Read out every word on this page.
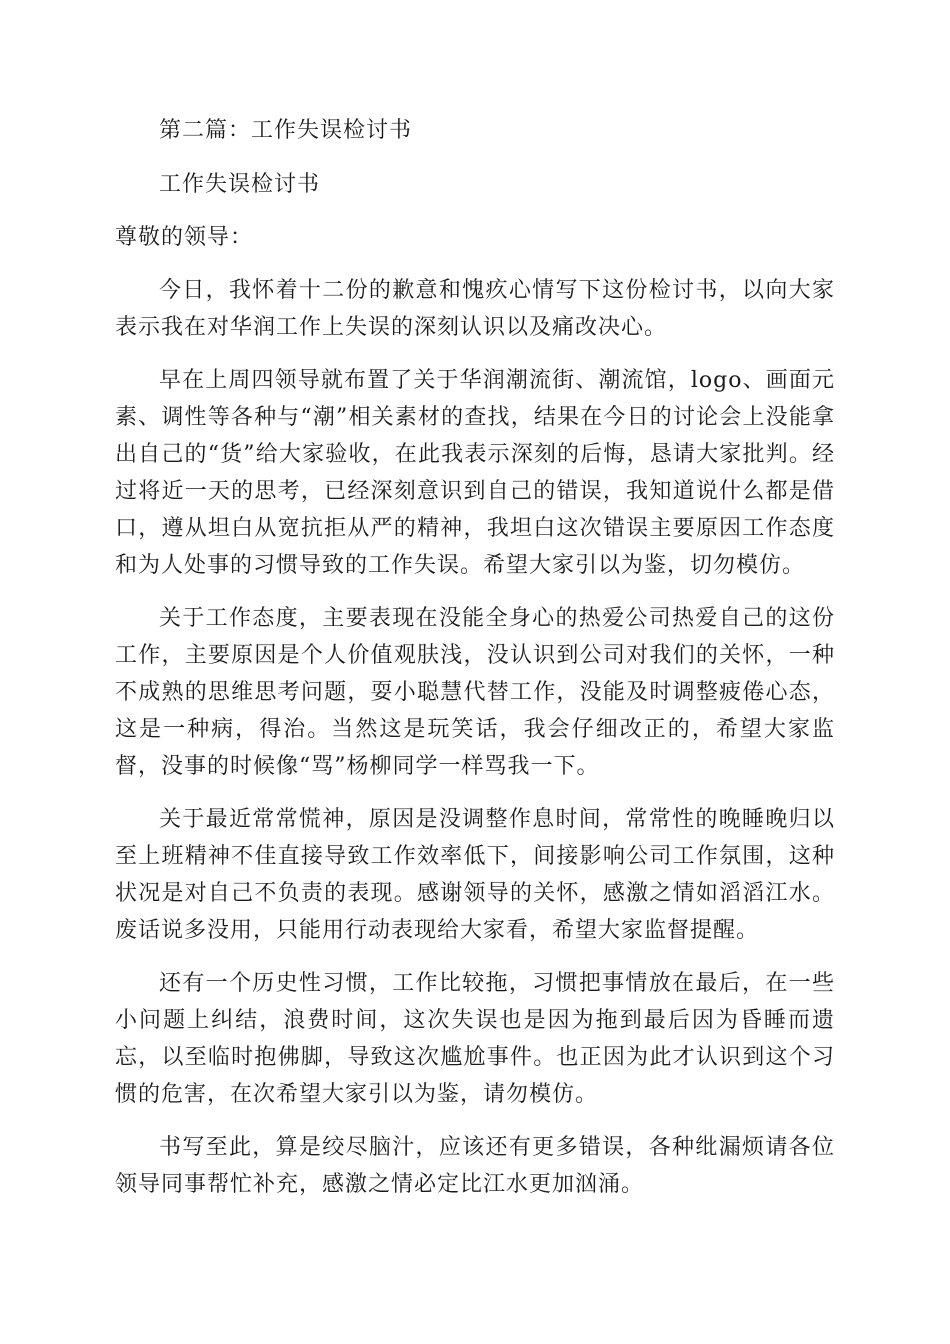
第二篇：工作失误检讨书

工作失误检讨书

尊敬的领导：

今日，我怀着十二份的歉意和愧疚心情写下这份检讨书，以向大家表示我在对华润工作上失误的深刻认识以及痛改决心。

早在上周四领导就布置了关于华润潮流街、潮流馆，logo、画面元素、调性等各种与“潮”相关素材的查找，结果在今日的讨论会上没能拿出自己的“货”给大家验收，在此我表示深刻的后悔，恳请大家批判。经过将近一天的思考，已经深刻意识到自己的错误，我知道说什么都是借口，遵从坦白从宽抗拒从严的精神，我坦白这次错误主要原因工作态度和为人处事的习惯导致的工作失误。希望大家引以为鉴，切勿模仿。

关于工作态度，主要表现在没能全身心的热爱公司热爱自己的这份工作，主要原因是个人价值观肤浅，没认识到公司对我们的关怀，一种不成熟的思维思考问题，耍小聪慧代替工作，没能及时调整疲倦心态，这是一种病，得治。当然这是玩笑话，我会仔细改正的，希望大家监督，没事的时候像“骂”杨柳同学一样骂我一下。

关于最近常常慌神，原因是没调整作息时间，常常性的晚睡晚归以至上班精神不佳直接导致工作效率低下，间接影响公司工作氛围，这种状况是对自己不负责的表现。感谢领导的关怀，感激之情如滔滔江水。废话说多没用，只能用行动表现给大家看，希望大家监督提醒。

还有一个历史性习惯，工作比较拖，习惯把事情放在最后，在一些小问题上纠结，浪费时间，这次失误也是因为拖到最后因为昏睡而遗忘，以至临时抱佛脚，导致这次尴尬事件。也正因为此才认识到这个习惯的危害，在次希望大家引以为鉴，请勿模仿。

书写至此，算是绞尽脑汁，应该还有更多错误，各种纰漏烦请各位领导同事帮忙补充，感激之情必定比江水更加汹涌。
